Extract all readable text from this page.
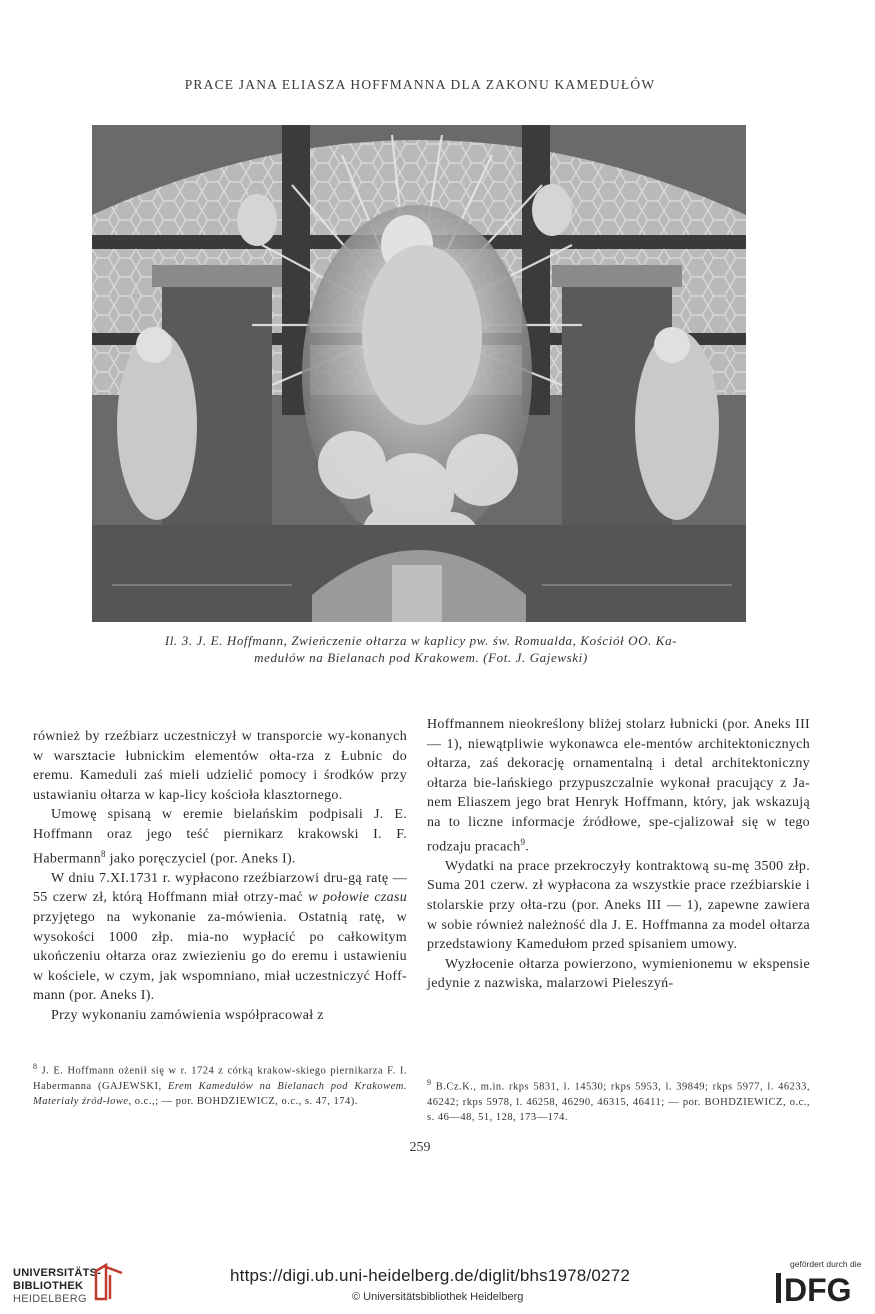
PRACE JANA ELIASZA HOFFMANNA DLA ZAKONU KAMEDUŁÓW
Il. 3. J. E. Hoffmann, Zwieńczenie ołtarza w kaplicy pw. św. Romualda, Kościół OO. Ka-
medułów na Bielanach pod Krakowem. (Fot. J. Gajewski)

również by rzeźbiarz uczestniczył w transporcie wy-konanych w warsztacie łubnickim elementów ołta-rza z Łubnic do eremu. Kameduli zaś mieli udzielić pomocy i środków przy ustawianiu ołtarza w kap-licy kościoła klasztornego.

Umowę spisaną w eremie bielańskim podpisali J. E. Hoffmann oraz jego teść piernikarz krakowski I. F. Habermann$^8$ jako poręczyciel (por. Aneks I).

W dniu 7.XI.1731 r. wypłacono rzeźbiarzowi dru-gą ratę — 55 czerw zł, którą Hoffmann miał otrzy-mać w połowie czasu przyjętego na wykonanie za-mówienia. Ostatnią ratę, w wysokości 1000 złp. mia-no wypłacić po całkowitym ukończeniu ołtarza oraz zwiezieniu go do eremu i ustawieniu w kościele, w czym, jak wspomniano, miał uczestniczyć Hoff-mann (por. Aneks I).

Przy wykonaniu zamówienia współpracował z

Hoffmannem nieokreślony bliżej stolarz łubnicki (por. Aneks III — 1), niewątpliwie wykonawca ele-mentów architektonicznych ołtarza, zaś dekorację ornamentalną i detal architektoniczny ołtarza bie-lańskiego przypuszczalnie wykonał pracujący z Ja-nem Eliaszem jego brat Henryk Hoffmann, który, jak wskazują na to liczne informacje źródłowe, spe-cjalizował się w tego rodzaju pracach$^9$.

Wydatki na prace przekroczyły kontraktową su-mę 3500 złp. Suma 201 czerw. zł wypłacona za wszystkie prace rzeźbiarskie i stolarskie przy ołta-rzu (por. Aneks III — 1), zapewne zawiera w sobie również należność dla J. E. Hoffmanna za model ołtarza przedstawiony Kamedułom przed spisaniem umowy.

Wyzłocenie ołtarza powierzono, wymienionemu w ekspensie jedynie z nazwiska, malarzowi Pieleszyń-

$^8$ J. E. Hoffmann ożenił się w r. 1724 z córką krakow-skiego piernikarza F. I. Habermanna (GAJEWSKI, Erem Kamedułów na Bielanach pod Krakowem. Materiały źród-łowe, o.c.,; — por. BOHDZIEWICZ, o.c., s. 47, 174).
$^9$ B.Cz.K., m.in. rkps 5831, l. 14530; rkps 5953, l. 39849; rkps 5977, l. 46233, 46242; rkps 5978, l. 46258, 46290, 46315, 46411; — por. BOHDZIEWICZ, o.c., s. 46—48, 51, 128, 173—174.
259
UNIVERSITÄTS-
BIBLIOTHEK
HEIDELBERG
https://digi.ub.uni-heidelberg.de/diglit/bhs1978/0272
© Universitätsbibliothek Heidelberg
gefördert durch die
DFG
